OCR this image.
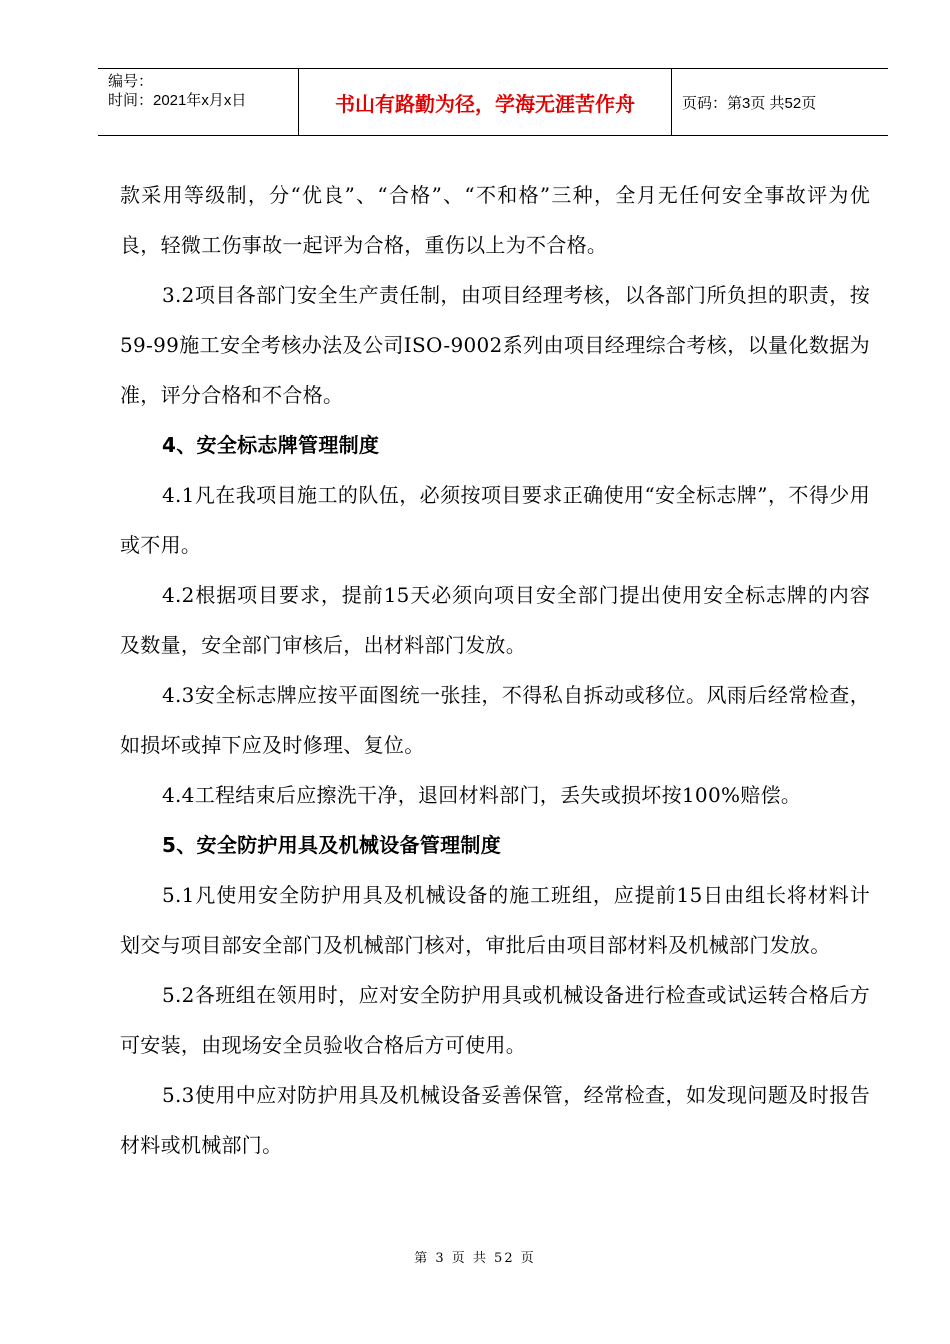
编号：
时间：2021年x月x日	书山有路勤为径，学海无涯苦作舟	页码：第3页 共52页

款采用等级制，分“优良”、“合格”、“不和格”三种，全月无任何安全事故评为优良，轻微工伤事故一起评为合格，重伤以上为不合格。

3.2项目各部门安全生产责任制，由项目经理考核，以各部门所负担的职责，按59-99施工安全考核办法及公司ISO-9002系列由项目经理综合考核，以量化数据为准，评分合格和不合格。

4、安全标志牌管理制度

4.1凡在我项目施工的队伍，必须按项目要求正确使用“安全标志牌”，不得少用或不用。

4.2根据项目要求，提前15天必须向项目安全部门提出使用安全标志牌的内容及数量，安全部门审核后，出材料部门发放。

4.3安全标志牌应按平面图统一张挂，不得私自拆动或移位。风雨后经常检查，如损坏或掉下应及时修理、复位。

4.4工程结束后应擦洗干净，退回材料部门，丢失或损坏按100%赔偿。

5、安全防护用具及机械设备管理制度

5.1凡使用安全防护用具及机械设备的施工班组，应提前15日由组长将材料计划交与项目部安全部门及机械部门核对，审批后由项目部材料及机械部门发放。

5.2各班组在领用时，应对安全防护用具或机械设备进行检查或试运转合格后方可安装，由现场安全员验收合格后方可使用。

5.3使用中应对防护用具及机械设备妥善保管，经常检查，如发现问题及时报告材料或机械部门。

第 3 页 共 52 页
